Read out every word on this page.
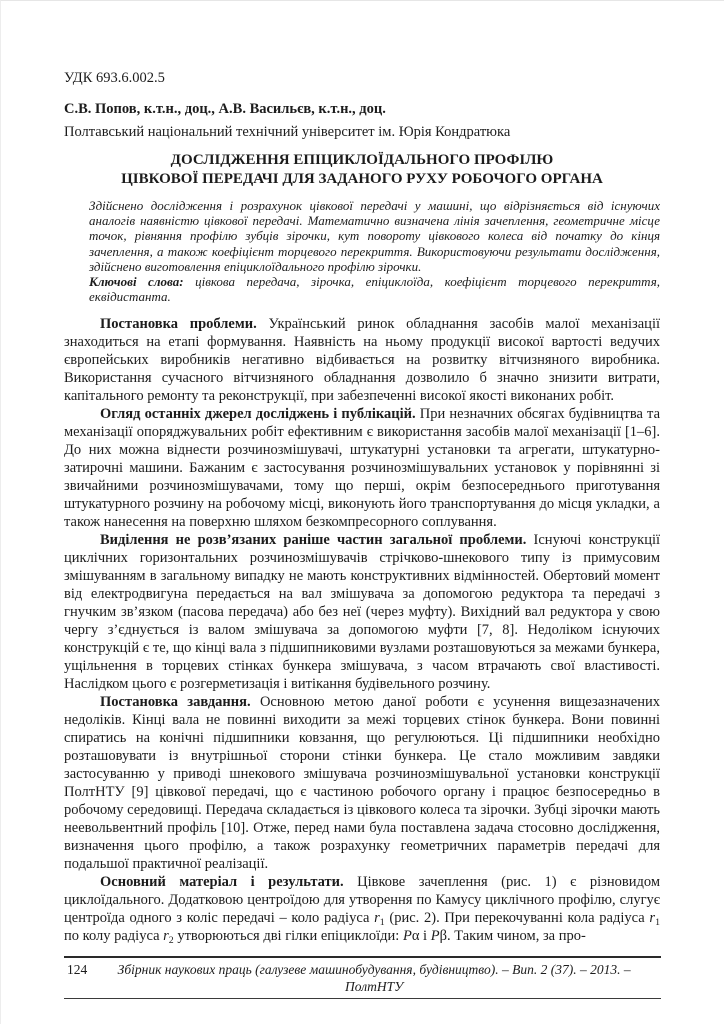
УДК 693.6.002.5
С.В. Попов, к.т.н., доц., А.В. Васильєв, к.т.н., доц.
Полтавський національний технічний університет ім. Юрія Кондратюка
ДОСЛІДЖЕННЯ ЕПІЦИКЛОЇДАЛЬНОГО ПРОФІЛЮ
ЦІВКОВОЇ ПЕРЕДАЧІ ДЛЯ ЗАДАНОГО РУХУ РОБОЧОГО ОРГАНА
Здійснено дослідження і розрахунок цівкової передачі у машині, що відрізняється від існуючих аналогів наявністю цівкової передачі. Математично визначена лінія зачеплення, геометричне місце точок, рівняння профілю зубців зірочки, кут повороту цівкового колеса від початку до кінця зачеплення, а також коефіцієнт торцевого перекриття. Використовуючи результати дослідження, здійснено виготовлення епіциклоїдального профілю зірочки.
Ключові слова: цівкова передача, зірочка, епіциклоїда, коефіцієнт торцевого перекриття, еквідистанта.

Постановка проблеми. Український ринок обладнання засобів малої механізації знаходиться на етапі формування. Наявність на ньому продукції високої вартості ведучих європейських виробників негативно відбивається на розвитку вітчизняного виробника. Використання сучасного вітчизняного обладнання дозволило б значно знизити витрати, капітального ремонту та реконструкції, при забезпеченні високої якості виконаних робіт.

Огляд останніх джерел досліджень і публікацій. При незначних обсягах будівництва та механізації опоряджувальних робіт ефективним є використання засобів малої механізації [1–6]. До них можна віднести розчинозмішувачі, штукатурні установки та агрегати, штукатурно-затирочні машини. Бажаним є застосування розчинозмішувальних установок у порівнянні зі звичайними розчинозмішувачами, тому що перші, окрім безпосереднього приготування штукатурного розчину на робочому місці, виконують його транспортування до місця укладки, а також нанесення на поверхню шляхом безкомпресорного соплування.

Виділення не розв’язаних раніше частин загальної проблеми. Існуючі конструкції циклічних горизонтальних розчинозмішувачів стрічково-шнекового типу із примусовим змішуванням в загальному випадку не мають конструктивних відмінностей. Обертовий момент від електродвигуна передається на вал змішувача за допомогою редуктора та передачі з гнучким зв’язком (пасова передача) або без неї (через муфту). Вихідний вал редуктора у свою чергу з’єднується із валом змішувача за допомогою муфти [7, 8]. Недоліком існуючих конструкцій є те, що кінці вала з підшипниковими вузлами розташовуються за межами бункера, ущільнення в торцевих стінках бункера змішувача, з часом втрачають свої властивості. Наслідком цього є розгерметизація і витікання будівельного розчину.

Постановка завдання. Основною метою даної роботи є усунення вищезазначених недоліків. Кінці вала не повинні виходити за межі торцевих стінок бункера. Вони повинні спиратись на конічні підшипники ковзання, що регулюються. Ці підшипники необхідно розташовувати із внутрішньої сторони стінки бункера. Це стало можливим завдяки застосуванню у приводі шнекового змішувача розчинозмішувальної установки конструкції ПолтНТУ [9] цівкової передачі, що є частиною робочого органу і працює безпосередньо в робочому середовищі. Передача складається із цівкового колеса та зірочки. Зубці зірочки мають неевольвентний профіль [10]. Отже, перед нами була поставлена задача стосовно дослідження, визначення цього профілю, а також розрахунку геометричних параметрів передачі для подальшої практичної реалізації.

Основний матеріал і результати. Цівкове зачеплення (рис. 1) є різновидом циклоїдального. Додатковою центроїдою для утворення по Камусу циклічного профілю, слугує центроїда одного з коліс передачі – коло радіуса $r_1$ (рис. 2). При перекочуванні кола радіуса $r_1$ по колу радіуса $r_2$ утворюються дві гілки епіциклоїди: Pα і Pβ. Таким чином, за про-

124	Збірник наукових праць (галузеве машинобудування, будівництво). – Вип. 2 (37). – 2013. – ПолтНТУ
